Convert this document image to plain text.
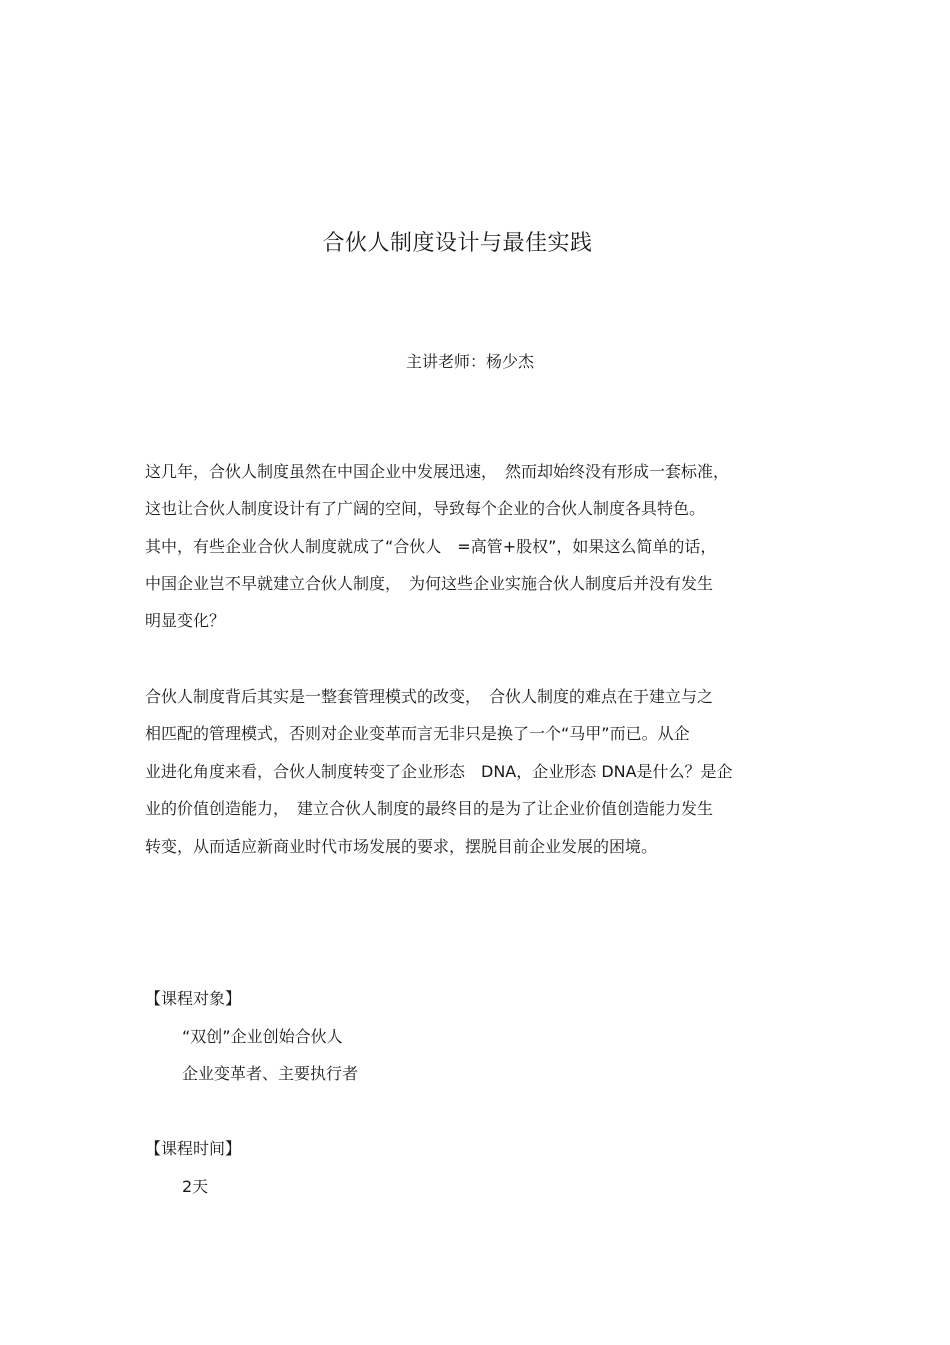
合伙人制度设计与最佳实践
主讲老师：杨少杰
这几年，合伙人制度虽然在中国企业中发展迅速，　然而却始终没有形成一套标准，
这也让合伙人制度设计有了广阔的空间，导致每个企业的合伙人制度各具特色。
其中，有些企业合伙人制度就成了“合伙人　=高管+股权”，如果这么简单的话，
中国企业岂不早就建立合伙人制度，　为何这些企业实施合伙人制度后并没有发生
明显变化？
合伙人制度背后其实是一整套管理模式的改变，　合伙人制度的难点在于建立与之
相匹配的管理模式，否则对企业变革而言无非只是换了一个“马甲”而已。从企
业进化角度来看，合伙人制度转变了企业形态　DNA，企业形态 DNA是什么？是企
业的价值创造能力，　建立合伙人制度的最终目的是为了让企业价值创造能力发生
转变，从而适应新商业时代市场发展的要求，摆脱目前企业发展的困境。
【课程对象】
“双创”企业创始合伙人
企业变革者、主要执行者
【课程时间】
2天
